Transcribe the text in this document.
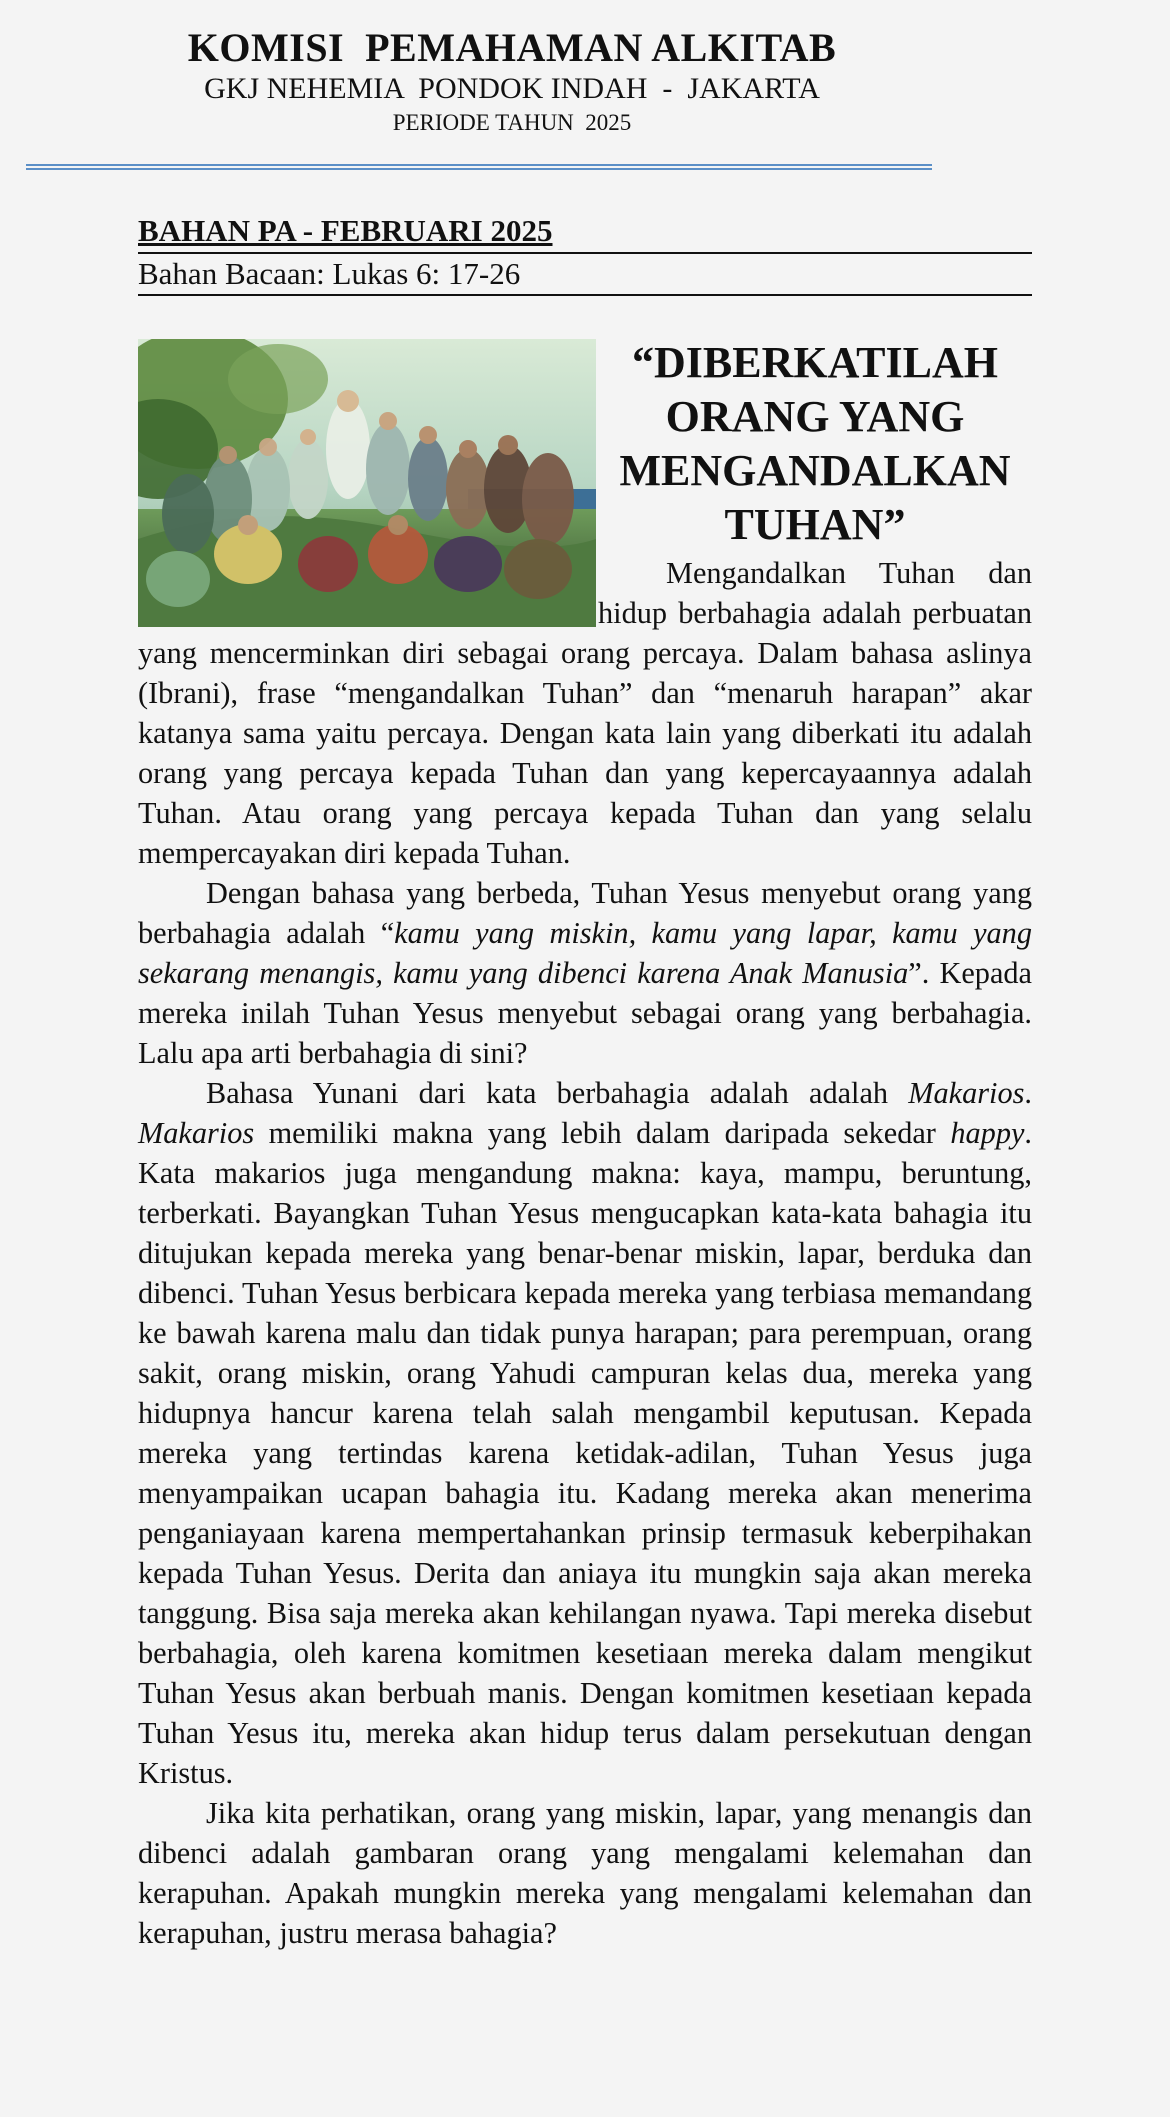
KOMISI  PEMAHAMAN ALKITAB
GKJ NEHEMIA  PONDOK INDAH  -  JAKARTA
PERIODE TAHUN  2025
BAHAN PA - FEBRUARI 2025
Bahan Bacaan: Lukas 6: 17-26
“DIBERKATILAH ORANG YANG MENGANDALKAN TUHAN”

Mengandalkan Tuhan dan hidup berbahagia adalah perbuatan yang mencerminkan diri sebagai orang percaya. Dalam bahasa aslinya (Ibrani), frase “mengandalkan Tuhan” dan “menaruh harapan” akar katanya sama yaitu percaya. Dengan kata lain yang diberkati itu adalah orang yang percaya kepada Tuhan dan yang kepercayaannya adalah Tuhan. Atau orang yang percaya kepada Tuhan dan yang selalu mempercayakan diri kepada Tuhan.

Dengan bahasa yang berbeda, Tuhan Yesus menyebut orang yang berbahagia adalah “kamu yang miskin, kamu yang lapar, kamu yang sekarang menangis, kamu yang dibenci karena Anak Manusia”. Kepada mereka inilah Tuhan Yesus menyebut sebagai orang yang berbahagia. Lalu apa arti berbahagia di sini?

Bahasa Yunani dari kata berbahagia adalah adalah Makarios. Makarios memiliki makna yang lebih dalam daripada sekedar happy. Kata makarios juga mengandung makna: kaya, mampu, beruntung, terberkati. Bayangkan Tuhan Yesus mengucapkan kata-kata bahagia itu ditujukan kepada mereka yang benar-benar miskin, lapar, berduka dan dibenci. Tuhan Yesus berbicara kepada mereka yang terbiasa memandang ke bawah karena malu dan tidak punya harapan; para perempuan, orang sakit, orang miskin, orang Yahudi campuran kelas dua, mereka yang hidupnya hancur karena telah salah mengambil keputusan. Kepada mereka yang tertindas karena ketidak-adilan, Tuhan Yesus juga menyampaikan ucapan bahagia itu. Kadang mereka akan menerima penganiayaan karena mempertahankan prinsip termasuk keberpihakan kepada Tuhan Yesus. Derita dan aniaya itu mungkin saja akan mereka tanggung. Bisa saja mereka akan kehilangan nyawa. Tapi mereka disebut berbahagia, oleh karena komitmen kesetiaan mereka dalam mengikut Tuhan Yesus akan berbuah manis. Dengan komitmen kesetiaan kepada Tuhan Yesus itu, mereka akan hidup terus dalam persekutuan dengan Kristus.

Jika kita perhatikan, orang yang miskin, lapar, yang menangis dan dibenci adalah gambaran orang yang mengalami kelemahan dan kerapuhan. Apakah mungkin mereka yang mengalami kelemahan dan kerapuhan, justru merasa bahagia?
